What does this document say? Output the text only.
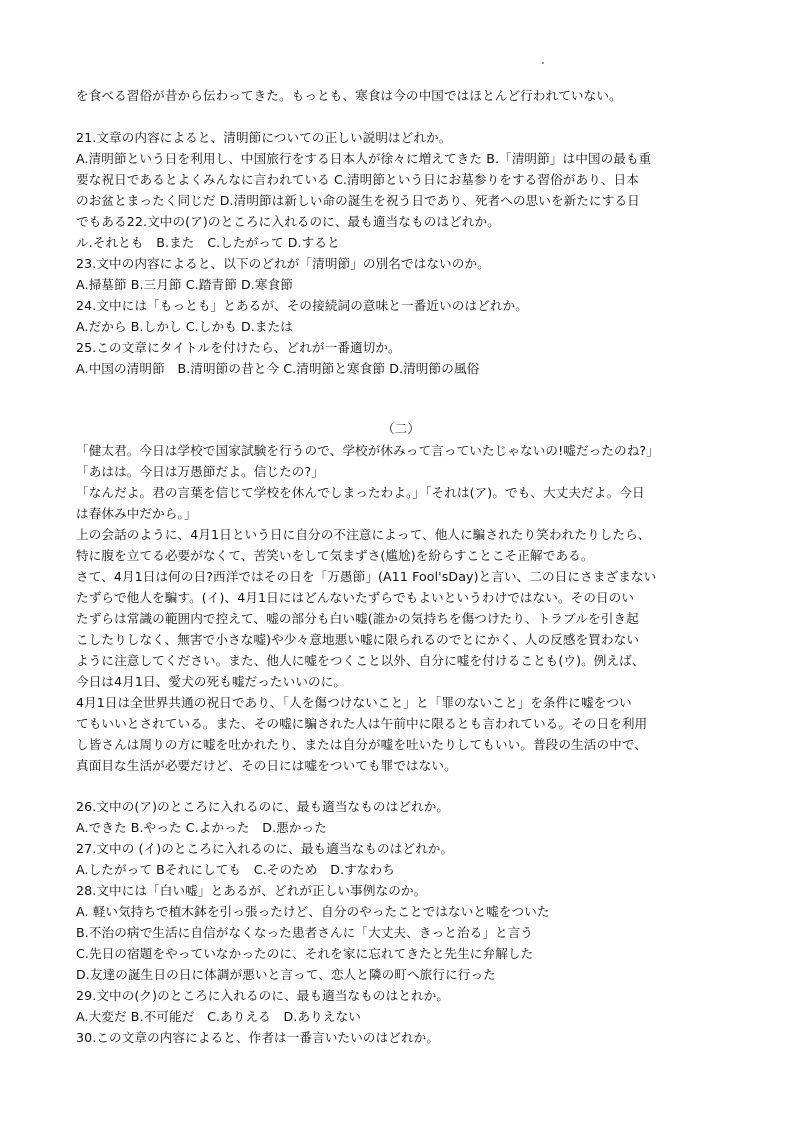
を食べる習俗が昔から伝わってきた。もっとも、寒食は今の中国ではほとんど行われていない。
21.文章の内容によると、清明節についての正しい説明はどれか。
A.清明節という日を利用し、中国旅行をする日本人が徐々に増えてきた B.「清明節」は中国の最も重
要な祝日であるとよくみんなに言われている C.清明節という日にお墓参りをする習俗があり、日本
のお盆とまったく同じだ D.清明節は新しい命の誕生を祝う日であり、死者への思いを新たにする日
でもある22.文中の(ア)のところに入れるのに、最も適当なものはどれか。
ル.それとも　B.また　C.したがって D.すると
23.文中の内容によると、以下のどれが「清明節」の別名ではないのか。
A.掃墓節 B.三月節 C.踏青節 D.寒食節
24.文中には「もっとも」とあるが、その接続詞の意味と一番近いのはどれか。
A.だから B.しかし C.しかも D.または
25.この文章にタイトルを付けたら、どれが一番適切か。
A.中国の清明節　B.清明節の昔と今 C.清明節と寒食節 D.清明節の風俗
（二）
「健太君。今日は学校で国家試験を行うので、学校が休みって言っていたじゃないの!嘘だったのね?」
「あはは。今日は万愚節だよ。信じたの?」
「なんだよ。君の言葉を信じて学校を休んでしまったわよ。」「それは(ア)。でも、大丈夫だよ。今日
は春休み中だから。」
上の会話のように、4月1日という日に自分の不注意によって、他人に騙されたり笑われたりしたら、
特に腹を立てる必要がなくて、苦笑いをして気まずさ(尴尬)を紛らすことこそ正解である。
さて、4月1日は何の日?西洋ではその日を「万愚節」(A11 Fool'sDay)と言い、二の日にさまざまない
たずらで他人を騙す。(イ)、4月1日にはどんないたずらでもよいというわけではない。その日のい
たずらは常識の範囲内で控えて、嘘の部分も白い嘘(誰かの気持ちを傷つけたり、トラブルを引き起
こしたりしなく、無害で小さな嘘)や少々意地悪い嘘に限られるのでとにかく、人の反感を買わない
ように注意してください。また、他人に嘘をつくこと以外、自分に嘘を付けることも(ウ)。例えば、
今日は4月1日、愛犬の死も嘘だったいいのに。
4月1日は全世界共通の祝日であり、「人を傷つけないこと」と「罪のないこと」を条件に嘘をつい
てもいいとされている。また、その嘘に騙された人は午前中に限るとも言われている。その日を利用
し皆さんは周りの方に嘘を吐かれたり、または自分が嘘を吐いたりしてもいい。普段の生活の中で、
真面目な生活が必要だけど、その日には嘘をついても罪ではない。
26.文中の(ア)のところに入れるのに、最も適当なものはどれか。
A.できた B.やった C.よかった　D.悪かった
27.文中の (イ)のところに入れるのに、最も適当なものはどれか。
A.したがって Bそれにしても　C.そのため　D.すなわち
28.文中には「白い嘘」とあるが、どれが正しい事例なのか。
A. 軽い気持ちで植木鉢を引っ張ったけど、自分のやったことではないと嘘をついた
B.不治の病で生活に自信がなくなった患者さんに「大丈夫、きっと治る」と言う
C.先日の宿題をやっていなかったのに、それを家に忘れてきたと先生に弁解した
D.友達の誕生日の日に体調が悪いと言って、恋人と隣の町へ旅行に行った
29.文中の(ク)のところに入れるのに、最も適当なものはとれか。
A.大変だ B.不可能だ　C.ありえる　D.ありえない
30.この文章の内容によると、作者は一番言いたいのはどれか。
